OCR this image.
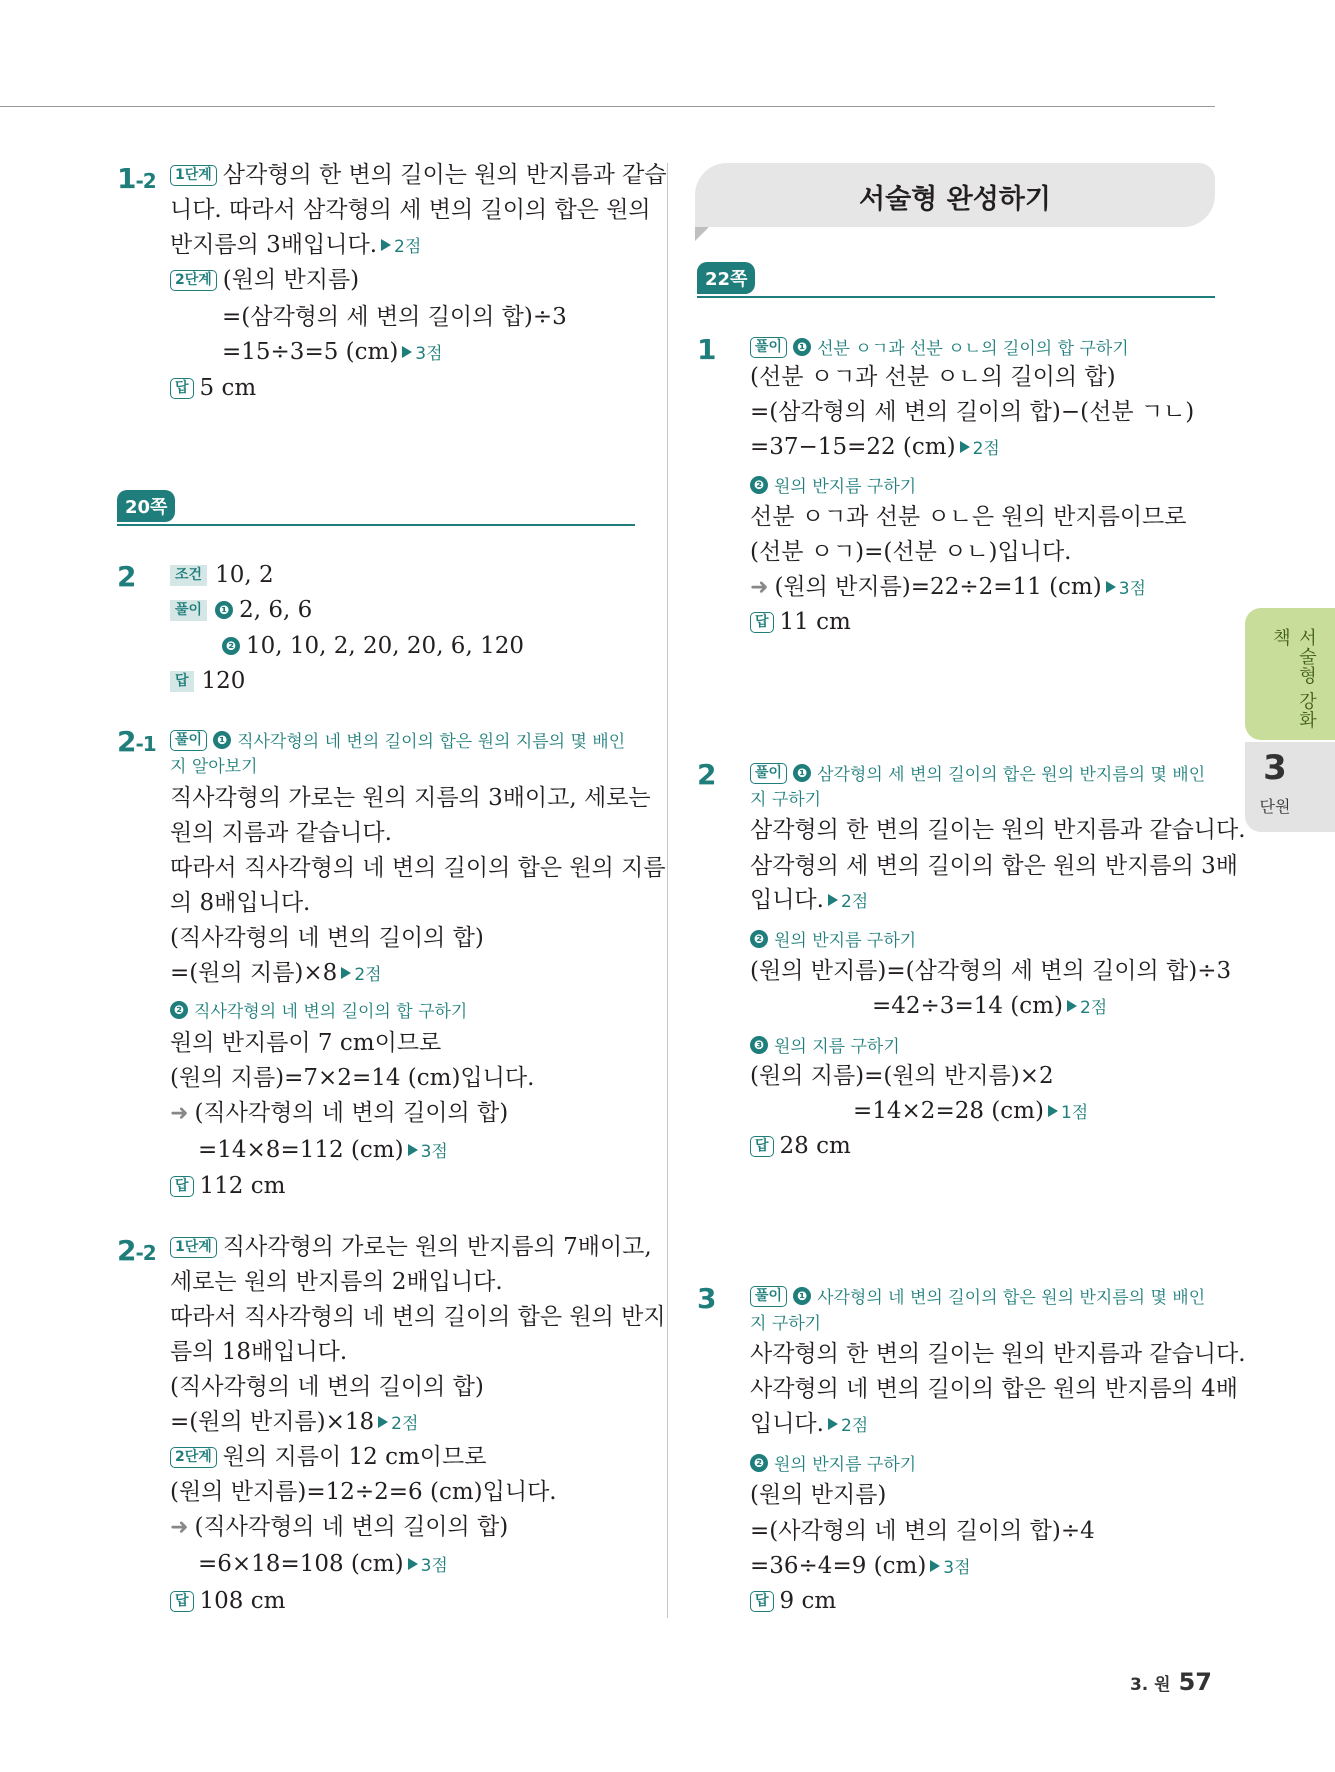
1-2	1단계 삼각형의 한 변의 길이는 원의 반지름과 같습
니다. 따라서 삼각형의 세 변의 길이의 합은 원의
반지름의 3배입니다. 2점
2단계 (원의 반지름)
=(삼각형의 세 변의 길이의 합)÷3
=15÷3=5 (cm) 3점
답 5 cm
20쪽
2	조건 10, 2
풀이 ❶ 2, 6, 6
❷ 10, 10, 2, 20, 20, 6, 120
답 120
2-1	풀이 ❶ 직사각형의 네 변의 길이의 합은 원의 지름의 몇 배인
지 알아보기
직사각형의 가로는 원의 지름의 3배이고, 세로는
원의 지름과 같습니다.
따라서 직사각형의 네 변의 길이의 합은 원의 지름
의 8배입니다.
(직사각형의 네 변의 길이의 합)
=(원의 지름)×8 2점
❷ 직사각형의 네 변의 길이의 합 구하기
원의 반지름이 7 cm이므로
(원의 지름)=7×2=14 (cm)입니다.
➜ (직사각형의 네 변의 길이의 합)
=14×8=112 (cm) 3점
답 112 cm
2-2	1단계 직사각형의 가로는 원의 반지름의 7배이고,
세로는 원의 반지름의 2배입니다.
따라서 직사각형의 네 변의 길이의 합은 원의 반지
름의 18배입니다.
(직사각형의 네 변의 길이의 합)
=(원의 반지름)×18 2점
2단계 원의 지름이 12 cm이므로
(원의 반지름)=12÷2=6 (cm)입니다.
➜ (직사각형의 네 변의 길이의 합)
=6×18=108 (cm) 3점
답 108 cm
서술형 완성하기
22쪽
1	풀이 ❶ 선분 ㅇㄱ과 선분 ㅇㄴ의 길이의 합 구하기
(선분 ㅇㄱ과 선분 ㅇㄴ의 길이의 합)
=(삼각형의 세 변의 길이의 합)−(선분 ㄱㄴ)
=37−15=22 (cm) 2점
❷ 원의 반지름 구하기
선분 ㅇㄱ과 선분 ㅇㄴ은 원의 반지름이므로
(선분 ㅇㄱ)=(선분 ㅇㄴ)입니다.
➜ (원의 반지름)=22÷2=11 (cm) 3점
답 11 cm
2	풀이 ❶ 삼각형의 세 변의 길이의 합은 원의 반지름의 몇 배인
지 구하기
삼각형의 한 변의 길이는 원의 반지름과 같습니다.
삼각형의 세 변의 길이의 합은 원의 반지름의 3배
입니다. 2점
❷ 원의 반지름 구하기
(원의 반지름)=(삼각형의 세 변의 길이의 합)÷3
=42÷3=14 (cm) 2점
❸ 원의 지름 구하기
(원의 지름)=(원의 반지름)×2
=14×2=28 (cm) 1점
답 28 cm
3	풀이 ❶ 사각형의 네 변의 길이의 합은 원의 반지름의 몇 배인
지 구하기
사각형의 한 변의 길이는 원의 반지름과 같습니다.
사각형의 네 변의 길이의 합은 원의 반지름의 4배
입니다. 2점
❷ 원의 반지름 구하기
(원의 반지름)
=(사각형의 네 변의 길이의 합)÷4
=36÷4=9 (cm) 3점
답 9 cm
서술형 강화책
3
단원
3. 원 57
